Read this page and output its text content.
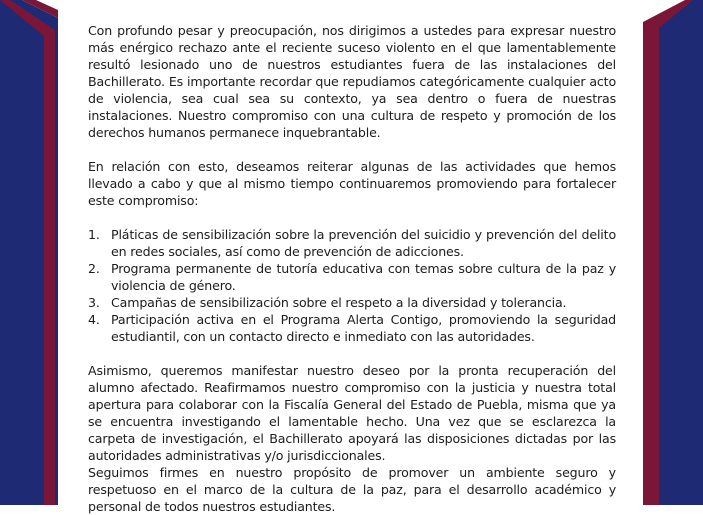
Con profundo pesar y preocupación, nos dirigimos a ustedes para expresar nuestro más enérgico rechazo ante el reciente suceso violento en el que lamentablemente resultó lesionado uno de nuestros estudiantes fuera de las instalaciones del Bachillerato. Es importante recordar que repudiamos categóricamente cualquier acto de violencia, sea cual sea su contexto, ya sea dentro o fuera de nuestras instalaciones. Nuestro compromiso con una cultura de respeto y promoción de los derechos humanos permanece inquebrantable.

En relación con esto, deseamos reiterar algunas de las actividades que hemos llevado a cabo y que al mismo tiempo continuaremos promoviendo para fortalecer este compromiso:

1. Pláticas de sensibilización sobre la prevención del suicidio y prevención del delito en redes sociales, así como de prevención de adicciones.
2. Programa permanente de tutoría educativa con temas sobre cultura de la paz y violencia de género.
3. Campañas de sensibilización sobre el respeto a la diversidad y tolerancia.
4. Participación activa en el Programa Alerta Contigo, promoviendo la seguridad estudiantil, con un contacto directo e inmediato con las autoridades.

Asimismo, queremos manifestar nuestro deseo por la pronta recuperación del alumno afectado. Reafirmamos nuestro compromiso con la justicia y nuestra total apertura para colaborar con la Fiscalía General del Estado de Puebla, misma que ya se encuentra investigando el lamentable hecho. Una vez que se esclarezca la carpeta de investigación, el Bachillerato apoyará las disposiciones dictadas por las autoridades administrativas y/o jurisdiccionales.

Seguimos firmes en nuestro propósito de promover un ambiente seguro y respetuoso en el marco de la cultura de la paz, para el desarrollo académico y personal de todos nuestros estudiantes.
